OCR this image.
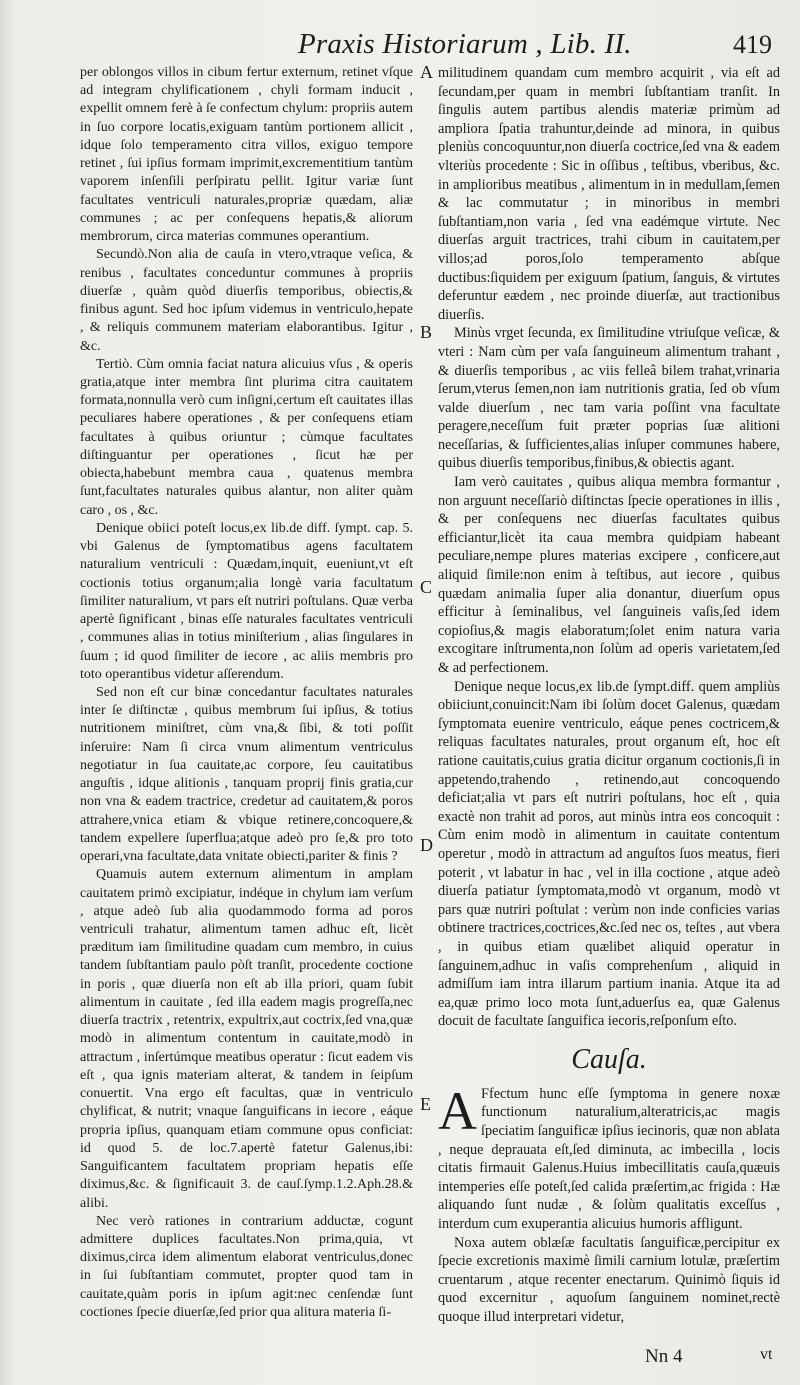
Praxis Historiarum , Lib. II.	419
A
B
C
D
E

per oblongos villos in cibum fertur externum, retinet vſque ad integram chylificationem , chyli formam inducit , expellit omnem ferè à ſe confectum chylum: propriis autem in ſuo corpore locatis,exiguam tantùm portionem allicit , idque ſolo temperamento citra villos, exiguo tempore retinet , ſui ipſius formam imprimit,excrementitium tantùm vaporem inſenſili perſpiratu pellit. Igitur variæ ſunt facultates ventriculi naturales,propriæ quædam, aliæ communes ; ac per conſequens hepatis,& aliorum membrorum, circa materias communes operantium.

Secundò.Non alia de cauſa in vtero,vtraque veſica, & renibus , facultates conceduntur communes à propriis diuerſæ , quàm quòd diuerſis temporibus, obiectis,& finibus agunt. Sed hoc ipſum videmus in ventriculo,hepate , & reliquis communem materiam elaborantibus. Igitur , &c.

Tertiò. Cùm omnia faciat natura alicuius vſus , & operis gratia,atque inter membra ſint plurima citra cauitatem formata,nonnulla verò cum inſigni,certum eſt cauitates illas peculiares habere operationes , & per conſequens etiam facultates à quibus oriuntur ; cùmque facultates diſtinguantur per operationes , ſicut hæ per obiecta,habebunt membra caua , quatenus membra ſunt,facultates naturales quibus alantur, non aliter quàm caro , os , &c.

Denique obiici poteſt locus,ex lib.de diff. ſympt. cap. 5. vbi Galenus de ſymptomatibus agens facultatem naturalium ventriculi : Quædam,inquit, eueniunt,vt eſt coctionis totius organum;alia longè varia facultatum ſimiliter naturalium, vt pars eſt nutriri poſtulans. Quæ verba apertè ſignificant , binas eſſe naturales facultates ventriculi , communes alias in totius miniſterium , alias ſingulares in ſuum ; id quod ſimiliter de iecore , ac aliis membris pro toto operantibus videtur aſſerendum.

Sed non eſt cur binæ concedantur facultates naturales inter ſe diſtinctæ , quibus membrum ſui ipſius, & totius nutritionem miniſtret, cùm vna,& ſibi, & toti poſſit inſeruire: Nam ſi circa vnum alimentum ventriculus negotiatur in ſua cauitate,ac corpore, ſeu cauitatibus anguſtis , idque alitionis , tanquam proprij finis gratia,cur non vna & eadem tractrice, credetur ad cauitatem,& poros attrahere,vnica etiam & vbique retinere,concoquere,& tandem expellere ſuperflua;atque adeò pro ſe,& pro toto operari,vna facultate,data vnitate obiecti,pariter & finis ?

Quamuis autem externum alimentum in amplam cauitatem primò excipiatur, indéque in chylum iam verſum , atque adeò ſub alia quodammodo forma ad poros ventriculi trahatur, alimentum tamen adhuc eſt, licèt præditum iam ſimilitudine quadam cum membro, in cuius tandem ſubſtantiam paulo pòſt tranſit, procedente coctione in poris , quæ diuerſa non eſt ab illa priori, quam ſubit alimentum in cauitate , ſed illa eadem magis progreſſa,nec diuerſa tractrix , retentrix, expultrix,aut coctrix,ſed vna,quæ modò in alimentum contentum in cauitate,modò in attractum , inſertúmque meatibus operatur : ſicut eadem vis eſt , qua ignis materiam alterat, & tandem in ſeipſum conuertit. Vna ergo eſt facultas, quæ in ventriculo chylificat, & nutrit; vnaque ſanguificans in iecore , eáque propria ipſius, quanquam etiam commune opus conficiat: id quod 5. de loc.7.apertè fatetur Galenus,ibi: Sanguificantem facultatem propriam hepatis eſſe diximus,&c. & ſignificauit 3. de cauſ.ſymp.1.2.Aph.28.& alibi.

Nec verò rationes in contrarium adductæ, cogunt admittere duplices facultates.Non prima,quia, vt diximus,circa idem alimentum elaborat ventriculus,donec in ſui ſubſtantiam commutet, propter quod tam in cauitate,quàm poris in ipſum agit:nec cenſendæ ſunt coctiones ſpecie diuerſæ,ſed prior qua alitura materia ſi-

militudinem quandam cum membro acquirit , via eſt ad ſecundam,per quam in membri ſubſtantiam tranſit. In ſingulis autem partibus alendis materiæ primùm ad ampliora ſpatia trahuntur,deinde ad minora, in quibus pleniùs concoquuntur,non diuerſa coctrice,ſed vna & eadem vlteriùs procedente : Sic in oſſibus , teſtibus, vberibus, &c. in amplioribus meatibus , alimentum in in medullam,ſemen & lac commutatur ; in minoribus in membri ſubſtantiam,non varia , ſed vna eadémque virtute. Nec diuerſas arguit tractrices, trahi cibum in cauitatem,per villos;ad poros,ſolo temperamento abſque ductibus:ſiquidem per exiguum ſpatium, ſanguis, & virtutes deferuntur eædem , nec proinde diuerſæ, aut tractionibus diuerſis.

Minùs vrget ſecunda, ex ſimilitudine vtriuſque veſicæ, & vteri : Nam cùm per vaſa ſanguineum alimentum trahant , & diuerſis temporibus , ac viis felleâ bilem trahat,vrinaria ſerum,vterus ſemen,non iam nutritionis gratia, ſed ob vſum valde diuerſum , nec tam varia poſſint vna facultate peragere,neceſſum fuit præter poprias ſuæ alitioni neceſſarias, & ſufficientes,alias inſuper communes habere, quibus diuerſis temporibus,finibus,& obiectis agant.

Iam verò cauitates , quibus aliqua membra formantur , non arguunt neceſſariò diſtinctas ſpecie operationes in illis , & per conſequens nec diuerſas facultates quibus efficiantur,licèt ita caua membra quidpiam habeant peculiare,nempe plures materias excipere , conficere,aut aliquid ſimile:non enim à teſtibus, aut iecore , quibus quædam animalia ſuper alia donantur, diuerſum opus efficitur à ſeminalibus, vel ſanguineis vaſis,ſed idem copioſius,& magis elaboratum;ſolet enim natura varia excogitare inſtrumenta,non ſolùm ad operis varietatem,ſed & ad perfectionem.

Denique neque locus,ex lib.de ſympt.diff. quem ampliùs obiiciunt,conuincit:Nam ibi ſolùm docet Galenus, quædam ſymptomata euenire ventriculo, eáque penes coctricem,& reliquas facultates naturales, prout organum eſt, hoc eſt ratione cauitatis,cuius gratia dicitur organum coctionis,ſi in appetendo,trahendo , retinendo,aut concoquendo deficiat;alia vt pars eſt nutriri poſtulans, hoc eſt , quia exactè non trahit ad poros, aut minùs intra eos concoquit : Cùm enim modò in alimentum in cauitate contentum operetur , modò in attractum ad anguſtos ſuos meatus, fieri poterit , vt labatur in hac , vel in illa coctione , atque adeò diuerſa patiatur ſymptomata,modò vt organum, modò vt pars quæ nutriri poſtulat : verùm non inde conficies varias obtinere tractrices,coctrices,&c.ſed nec os, teſtes , aut vbera , in quibus etiam quælibet aliquid operatur in ſanguinem,adhuc in vaſis comprehenſum , aliquid in admiſſum iam intra illarum partium inania. Atque ita ad ea,quæ primo loco mota ſunt,aduerſus ea, quæ Galenus docuit de facultate ſanguifica iecoris,reſponſum eſto.

Cauſa.

A Ffectum hunc eſſe ſymptoma in genere noxæ functionum naturalium,alteratricis,ac magis ſpeciatim ſanguificæ ipſius iecinoris, quæ non ablata , neque deprauata eſt,ſed diminuta, ac imbecilla , locis citatis firmauit Galenus.Huius imbecillitatis cauſa,quæuis intemperies eſſe poteſt,ſed calida præſertim,ac frigida : Hæ aliquando ſunt nudæ , & ſolùm qualitatis exceſſus , interdum cum exuperantia alicuius humoris affligunt.

Noxa autem oblæſæ facultatis ſanguificæ,percipitur ex ſpecie excretionis maximè ſimili carnium lotulæ, præſertim cruentarum , atque recenter enectarum. Quinimò ſiquis id quod excernitur , aquoſum ſanguinem nominet,rectè quoque illud interpretari videtur,

Nn 4	vt
